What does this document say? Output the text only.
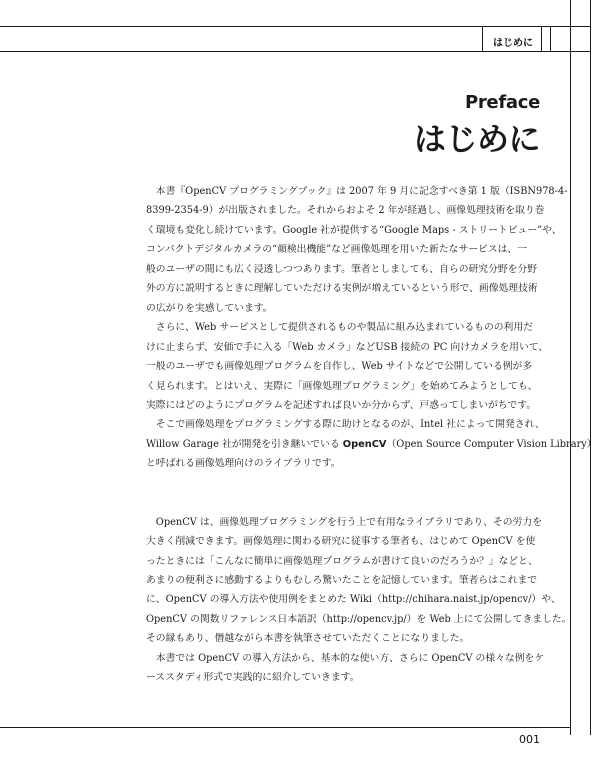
はじめに
Preface
はじめに

本書『OpenCV プログラミングブック』は 2007 年 9 月に記念すべき第 1 版（ISBN978-4-

8399-2354-9）が出版されました。それからおよそ 2 年が経過し、画像処理技術を取り巻

く環境も変化し続けています。Google 社が提供する“Google Maps - ストリートビュー”や、

コンパクトデジタルカメラの“顔検出機能”など画像処理を用いた新たなサービスは、一

般のユーザの間にも広く浸透しつつあります。筆者としましても、自らの研究分野を分野

外の方に説明するときに理解していただける実例が増えているという形で、画像処理技術

の広がりを実感しています。

さらに、Web サービスとして提供されるものや製品に組み込まれているものの利用だ

けに止まらず、安価で手に入る「Web カメラ」などUSB 接続の PC 向けカメラを用いて、

一般のユーザでも画像処理プログラムを自作し、Web サイトなどで公開している例が多

く見られます。とはいえ、実際に「画像処理プログラミング」を始めてみようとしても、

実際にはどのようにプログラムを記述すれば良いか分からず、戸惑ってしまいがちです。

そこで画像処理をプログラミングする際に助けとなるのが、Intel 社によって開発され、

Willow Garage 社が開発を引き継いでいる OpenCV（Open Source Computer Vision Library）

と呼ばれる画像処理向けのライブラリです。

OpenCV は、画像処理プログラミングを行う上で有用なライブラリであり、その労力を

大きく削減できます。画像処理に関わる研究に従事する筆者も、はじめて OpenCV を使

ったときには「こんなに簡単に画像処理プログラムが書けて良いのだろうか？」などと、

あまりの便利さに感動するよりもむしろ驚いたことを記憶しています。筆者らはこれまで

に、OpenCV の導入方法や使用例をまとめた Wiki（http://chihara.naist.jp/opencv/）や、

OpenCV の関数リファレンス日本語訳（http://opencv.jp/）を Web 上にて公開してきました。

その縁もあり、僭越ながら本書を執筆させていただくことになりました。

本書では OpenCV の導入方法から、基本的な使い方、さらに OpenCV の様々な例をケ

ーススタディ形式で実践的に紹介していきます。

001
